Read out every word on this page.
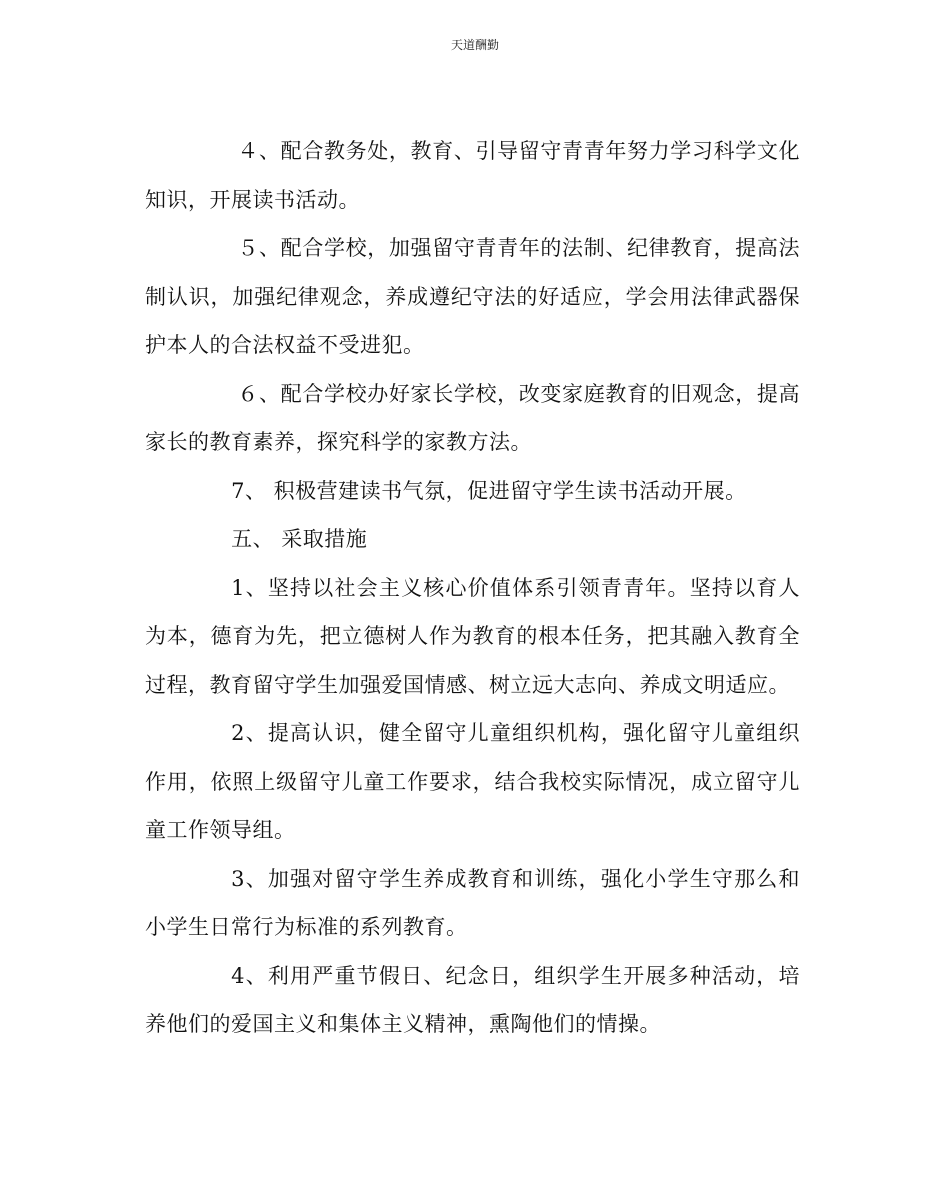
天道酬勤

４、配合教务处，教育、引导留守青青年努力学习科学文化知识，开展读书活动。

５、配合学校，加强留守青青年的法制、纪律教育，提高法制认识，加强纪律观念，养成遵纪守法的好适应，学会用法律武器保护本人的合法权益不受进犯。

６、配合学校办好家长学校，改变家庭教育的旧观念，提高家长的教育素养，探究科学的家教方法。

7、 积极营建读书气氛，促进留守学生读书活动开展。

五、 采取措施

1、坚持以社会主义核心价值体系引领青青年。坚持以育人为本，德育为先，把立德树人作为教育的根本任务，把其融入教育全过程，教育留守学生加强爱国情感、树立远大志向、养成文明适应。

2、提高认识，健全留守儿童组织机构，强化留守儿童组织作用，依照上级留守儿童工作要求，结合我校实际情况，成立留守儿童工作领导组。

3、加强对留守学生养成教育和训练，强化小学生守那么和小学生日常行为标准的系列教育。

4、利用严重节假日、纪念日，组织学生开展多种活动，培养他们的爱国主义和集体主义精神，熏陶他们的情操。
